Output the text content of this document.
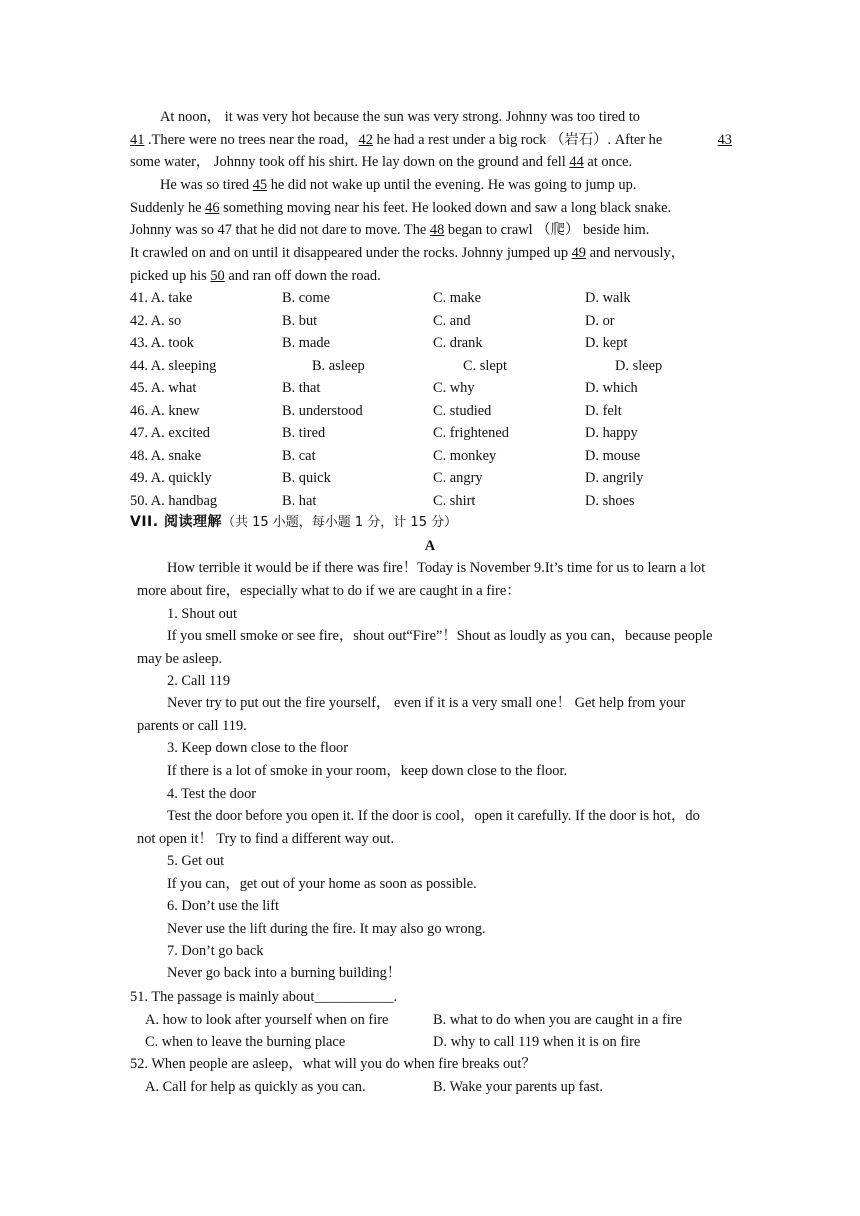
At noon， it was very hot because the sun was very strong. Johnny was too tired to
41 .There were no trees near the road，42 he had a rest under a big rock （岩石）. After he	43
some water， Johnny took off his shirt. He lay down on the ground and fell 44 at once.
He was so tired 45 he did not wake up until the evening. He was going to jump up.
Suddenly he 46 something moving near his feet. He looked down and saw a long black snake.
Johnny was so 47 that he did not dare to move. The 48 began to crawl （爬） beside him.
It crawled on and on until it disappeared under the rocks. Johnny jumped up 49 and nervously，
picked up his 50 and ran off down the road.
41. A. take	B. come	C. make	D. walk
42. A. so	B. but	C. and	D. or
43. A. took	B. made	C. drank	D. kept
44. A. sleeping	B. asleep	C. slept	D. sleep
45. A. what	B. that	C. why	D. which
46. A. knew	B. understood	C. studied	D. felt
47. A. excited	B. tired	C. frightened	D. happy
48. A. snake	B. cat	C. monkey	D. mouse
49. A. quickly	B. quick	C. angry	D. angrily
50. A. handbag	B. hat	C. shirt	D. shoes
VII. 阅读理解（共 15 小题，每小题 1 分，计 15 分）
A
How terrible it would be if there was fire！Today is November 9.It’s time for us to learn a lot
more about fire，especially what to do if we are caught in a fire：
1. Shout out
If you smell smoke or see fire，shout out“Fire”！Shout as loudly as you can，because people
may be asleep.
2. Call 119
Never try to put out the fire yourself， even if it is a very small one！ Get help from your
parents or call 119.
3. Keep down close to the floor
If there is a lot of smoke in your room，keep down close to the floor.
4. Test the door
Test the door before you open it. If the door is cool，open it carefully. If the door is hot，do
not open it！ Try to find a different way out.
5. Get out
If you can，get out of your home as soon as possible.
6. Don’t use the lift
Never use the lift during the fire. It may also go wrong.
7. Don’t go back
Never go back into a burning building！
51. The passage is mainly about___________.
A. how to look after yourself when on fire	B. what to do when you are caught in a fire
C. when to leave the burning place	D. why to call 119 when it is on fire
52. When people are asleep，what will you do when fire breaks out？
A. Call for help as quickly as you can.	B. Wake your parents up fast.
